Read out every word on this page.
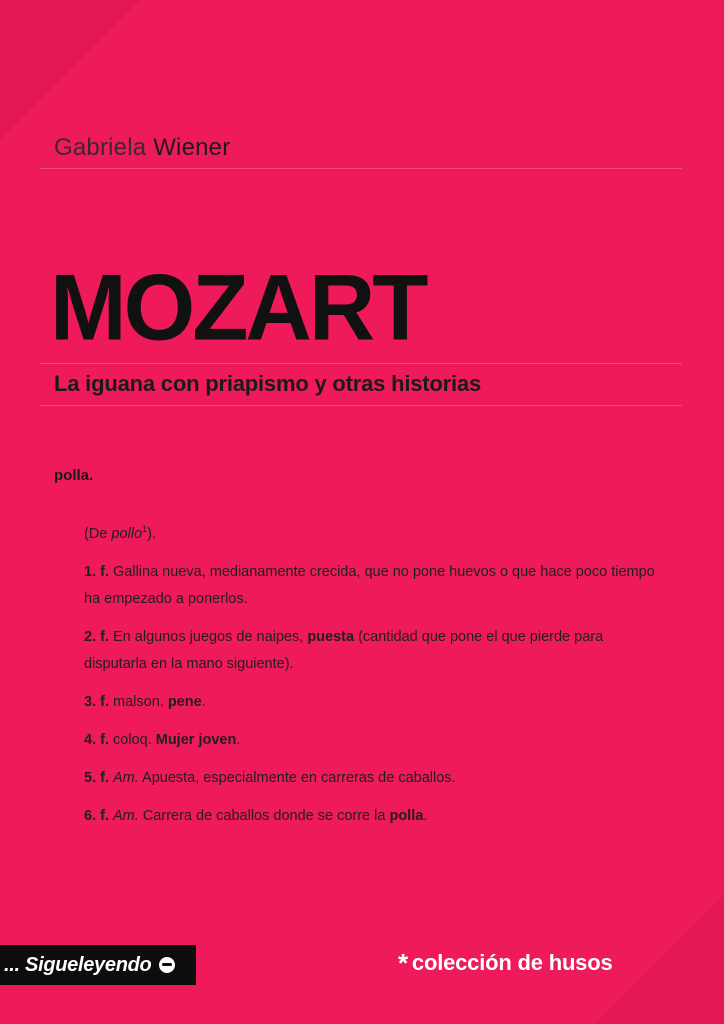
Gabriela Wiener
MOZART
La iguana con priapismo y otras historias
polla.

(De pollo$^1$).

1. f. Gallina nueva, medianamente crecida, que no pone huevos o que hace poco tiempo ha empezado a ponerlos.

2. f. En algunos juegos de naipes, puesta (cantidad que pone el que pierde para disputarla en la mano siguiente).

3. f. malson. pene.

4. f. coloq. Mujer joven.

5. f. Am. Apuesta, especialmente en carreras de caballos.

6. f. Am. Carrera de caballos donde se corre la polla.

... Sigueleyendo	* colección de husos
